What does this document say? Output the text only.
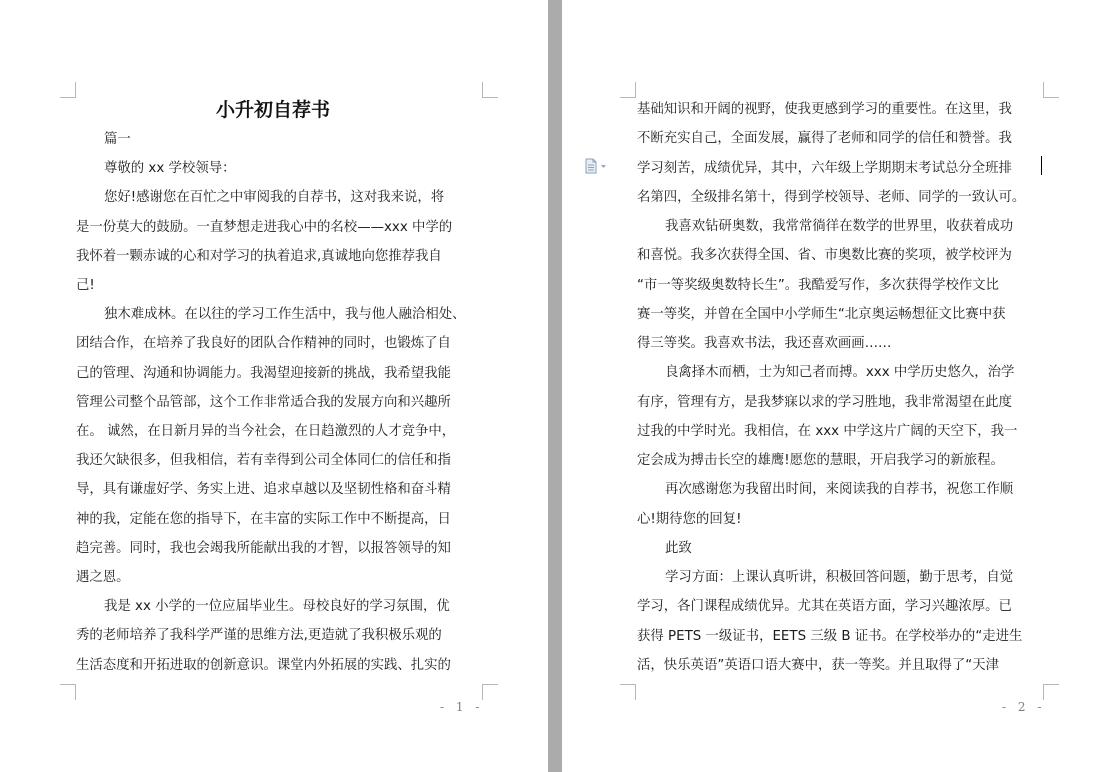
小升初自荐书
篇一
尊敬的 xx 学校领导：
您好!感谢您在百忙之中审阅我的自荐书，这对我来说，将
是一份莫大的鼓励。一直梦想走进我心中的名校——xxx 中学的
我怀着一颗赤诚的心和对学习的执着追求,真诚地向您推荐我自
己!
独木难成林。在以往的学习工作生活中，我与他人融洽相处、
团结合作，在培养了我良好的团队合作精神的同时，也锻炼了自
己的管理、沟通和协调能力。我渴望迎接新的挑战，我希望我能
管理公司整个品管部，这个工作非常适合我的发展方向和兴趣所
在。 诚然，在日新月异的当今社会，在日趋激烈的人才竞争中，
我还欠缺很多，但我相信，若有幸得到公司全体同仁的信任和指
导，具有谦虚好学、务实上进、追求卓越以及坚韧性格和奋斗精
神的我，定能在您的指导下，在丰富的实际工作中不断提高，日
趋完善。同时，我也会竭我所能献出我的才智，以报答领导的知
遇之恩。
我是 xx 小学的一位应届毕业生。母校良好的学习氛围，优
秀的老师培养了我科学严谨的思维方法,更造就了我积极乐观的
生活态度和开拓进取的创新意识。课堂内外拓展的实践、扎实的
- 1 -
基础知识和开阔的视野，使我更感到学习的重要性。在这里，我
不断充实自己，全面发展，赢得了老师和同学的信任和赞誉。我
学习刻苦，成绩优异，其中，六年级上学期期末考试总分全班排
名第四，全级排名第十，得到学校领导、老师、同学的一致认可。
我喜欢钻研奥数，我常常徜徉在数学的世界里，收获着成功
和喜悦。我多次获得全国、省、市奥数比赛的奖项，被学校评为
“市一等奖级奥数特长生”。我酷爱写作，多次获得学校作文比
赛一等奖，并曾在全国中小学师生“北京奥运畅想征文比赛中获
得三等奖。我喜欢书法，我还喜欢画画……
良禽择木而栖，士为知己者而搏。xxx 中学历史悠久，治学
有序，管理有方，是我梦寐以求的学习胜地，我非常渴望在此度
过我的中学时光。我相信，在 xxx 中学这片广阔的天空下，我一
定会成为搏击长空的雄鹰!愿您的慧眼，开启我学习的新旅程。
再次感谢您为我留出时间，来阅读我的自荐书，祝您工作顺
心!期待您的回复!
此致
学习方面：上课认真听讲，积极回答问题，勤于思考，自觉
学习，各门课程成绩优异。尤其在英语方面，学习兴趣浓厚。已
获得 PETS 一级证书，EETS 三级 B 证书。在学校举办的“走进生
活，快乐英语”英语口语大赛中，获一等奖。并且取得了“天津
- 2 -
